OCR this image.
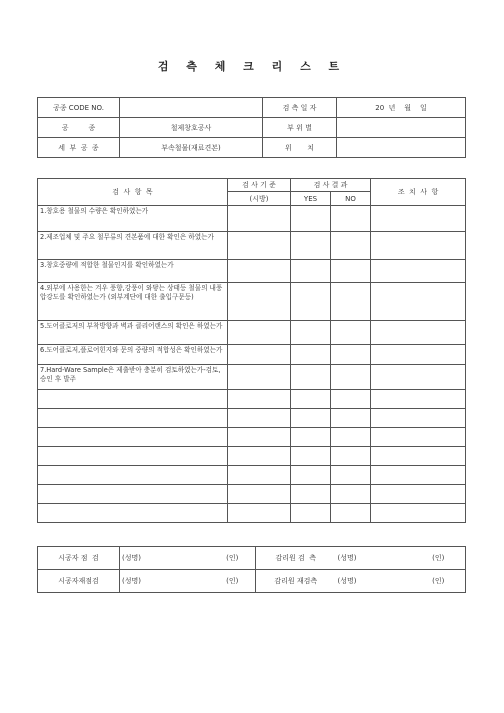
검 측 체 크 리 스 트
공종 CODE NO.		검 측 일 자	20  년    월    일
공         종	철제창호공사	부 위 별	
세  부  공  종	부속철물(재료견본)	위       치	
검  사  항  목	검 사 기 준	검 사 결 과		조  치  사  항
	(시방)	YES	NO	
1.창호용 철물의 수량은 확인하였는가				
2.제조업체 및 주요 철무류의 견본품에 대한 확인은 하였는가				
3.창호중량에 적합한 철물인지를 확인하였는가				
4.외부에 사용한는 겨우 풍향,강풍이 와닿는 상태등 철물의 내풍압강도를 확인하였는가 (외부계단에 대한 출입구문등)				
5.도어클로저의 부착방향과 벽과 클리어랜스의 확인은 하였는가				
6.도어클로저,플로어힌지와 문의 중량의 적합성은 확인하였는가				
7.Hard-Ware Sample은 제출받아 충분히 검토하였는가-검토,승인 후 발주				

시공자 점  검	(성명)	(인)	감리원 검  측	(성명)	(인)
시공자재점검	(성명)	(인)	감리원 재검측	(성명)	(인)
